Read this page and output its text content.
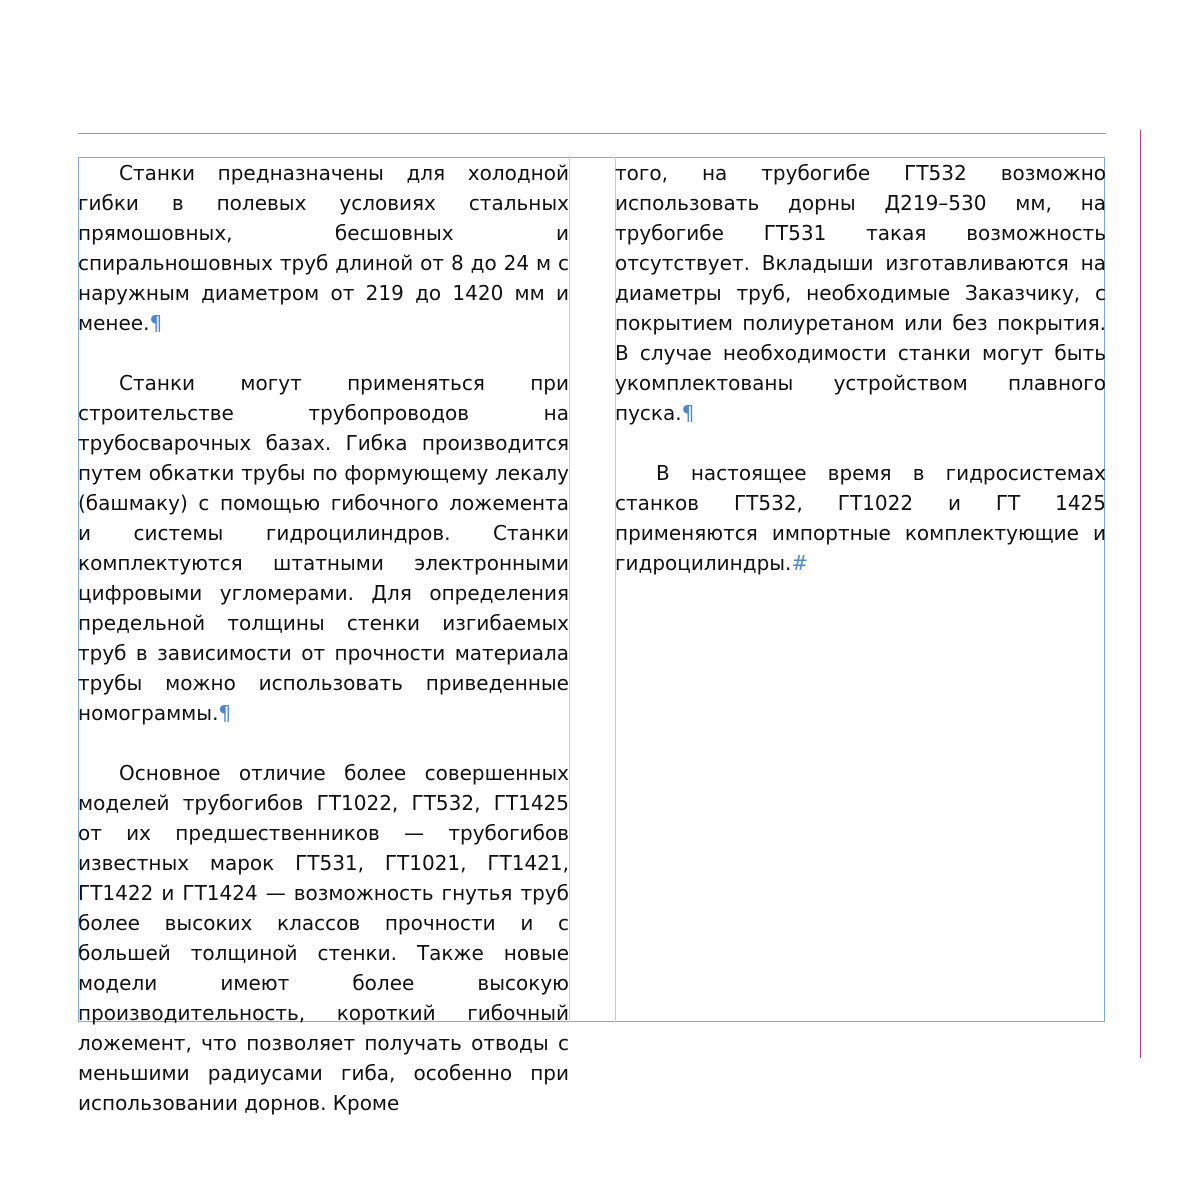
Станки предназначены для холодной гибки в полевых условиях стальных прямошовных, бесшовных и спиральношовных труб длиной от 8 до 24 м с наружным диаметром от 219 до 1420 мм и менее.¶

Станки могут применяться при строительстве трубопроводов на трубосварочных базах. Гибка производится путем обкатки трубы по формующему лекалу (башмаку) с помощью гибочного ложемента и системы гидроцилиндров. Станки комплектуются штатными электронными цифровыми угломерами. Для определения предельной толщины стенки изгибаемых труб в зависимости от прочности материала трубы можно использовать приведенные номограммы.¶

Основное отличие более совершенных моделей трубогибов ГТ1022, ГТ532, ГТ1425 от их предшественников — трубогибов известных марок ГТ531, ГТ1021, ГТ1421, ГТ1422 и ГТ1424 — возможность гнутья труб более высоких классов прочности и с большей толщиной стенки. Также новые модели имеют более высокую производительность, короткий гибочный ложемент, что позволяет получать отводы с меньшими радиусами гиба, особенно при использовании дорнов. Кроме

того, на трубогибе ГТ532 возможно использовать дорны Д219–530 мм, на трубогибе ГТ531 такая возможность отсутствует. Вкладыши изготавливаются на диаметры труб, необходимые Заказчику, с покрытием полиуретаном или без покрытия. В случае необходимости станки могут быть укомплектованы устройством плавного пуска.¶

В настоящее время в гидросистемах станков ГТ532, ГТ1022 и ГТ 1425 применяются импортные комплектующие и гидроцилиндры.#
